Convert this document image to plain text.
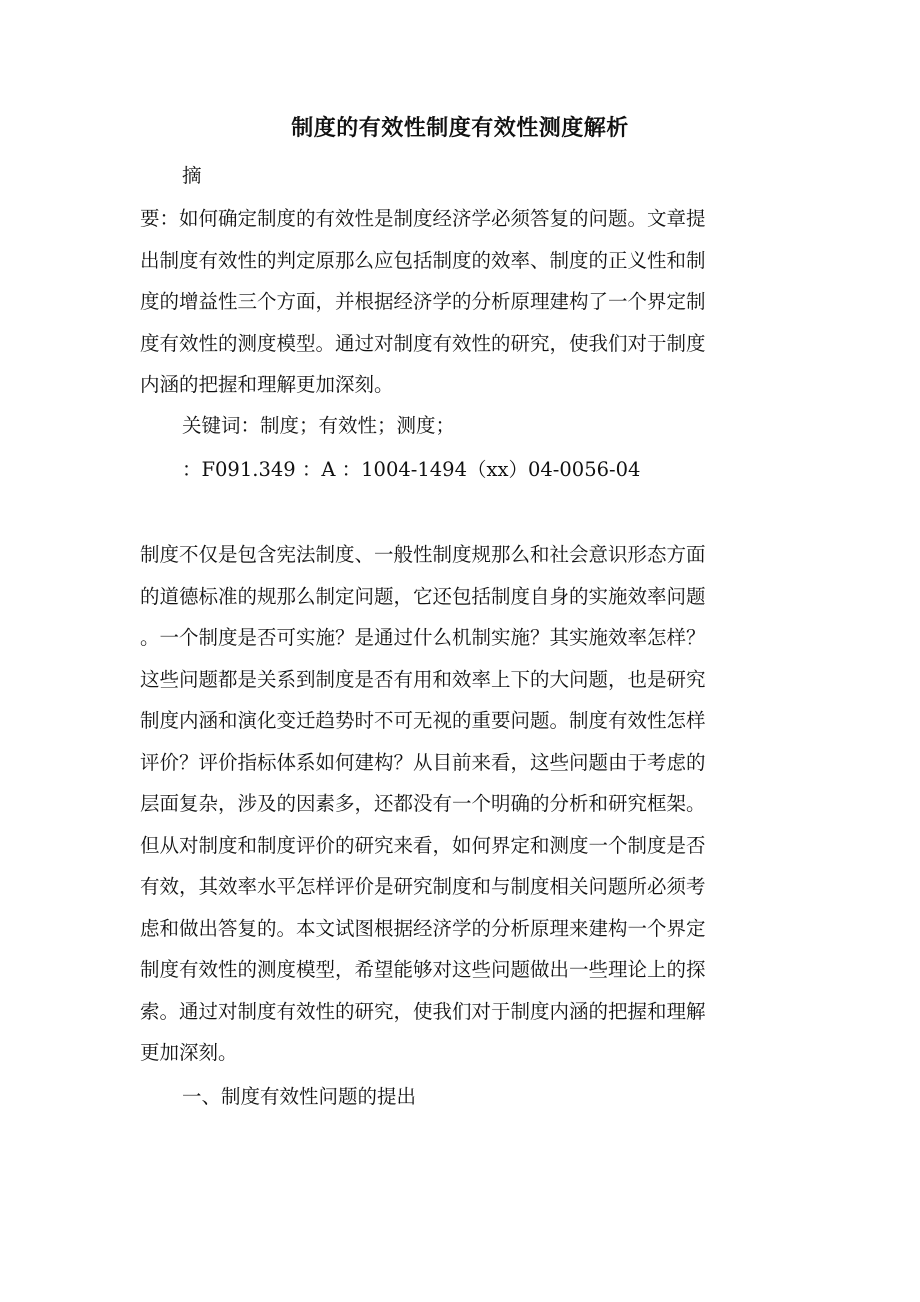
制度的有效性制度有效性测度解析
摘
要：如何确定制度的有效性是制度经济学必须答复的问题。文章提
出制度有效性的判定原那么应包括制度的效率、制度的正义性和制
度的增益性三个方面，并根据经济学的分析原理建构了一个界定制
度有效性的测度模型。通过对制度有效性的研究，使我们对于制度
内涵的把握和理解更加深刻。
关键词：制度；有效性；测度；
：F091.349 ：A ：1004-1494（xx）04-0056-04
制度不仅是包含宪法制度、一般性制度规那么和社会意识形态方面
的道德标准的规那么制定问题，它还包括制度自身的实施效率问题
。一个制度是否可实施？是通过什么机制实施？其实施效率怎样？
这些问题都是关系到制度是否有用和效率上下的大问题，也是研究
制度内涵和演化变迁趋势时不可无视的重要问题。制度有效性怎样
评价？评价指标体系如何建构？从目前来看，这些问题由于考虑的
层面复杂，涉及的因素多，还都没有一个明确的分析和研究框架。
但从对制度和制度评价的研究来看，如何界定和测度一个制度是否
有效，其效率水平怎样评价是研究制度和与制度相关问题所必须考
虑和做出答复的。本文试图根据经济学的分析原理来建构一个界定
制度有效性的测度模型，希望能够对这些问题做出一些理论上的探
索。通过对制度有效性的研究，使我们对于制度内涵的把握和理解
更加深刻。
一、制度有效性问题的提出
